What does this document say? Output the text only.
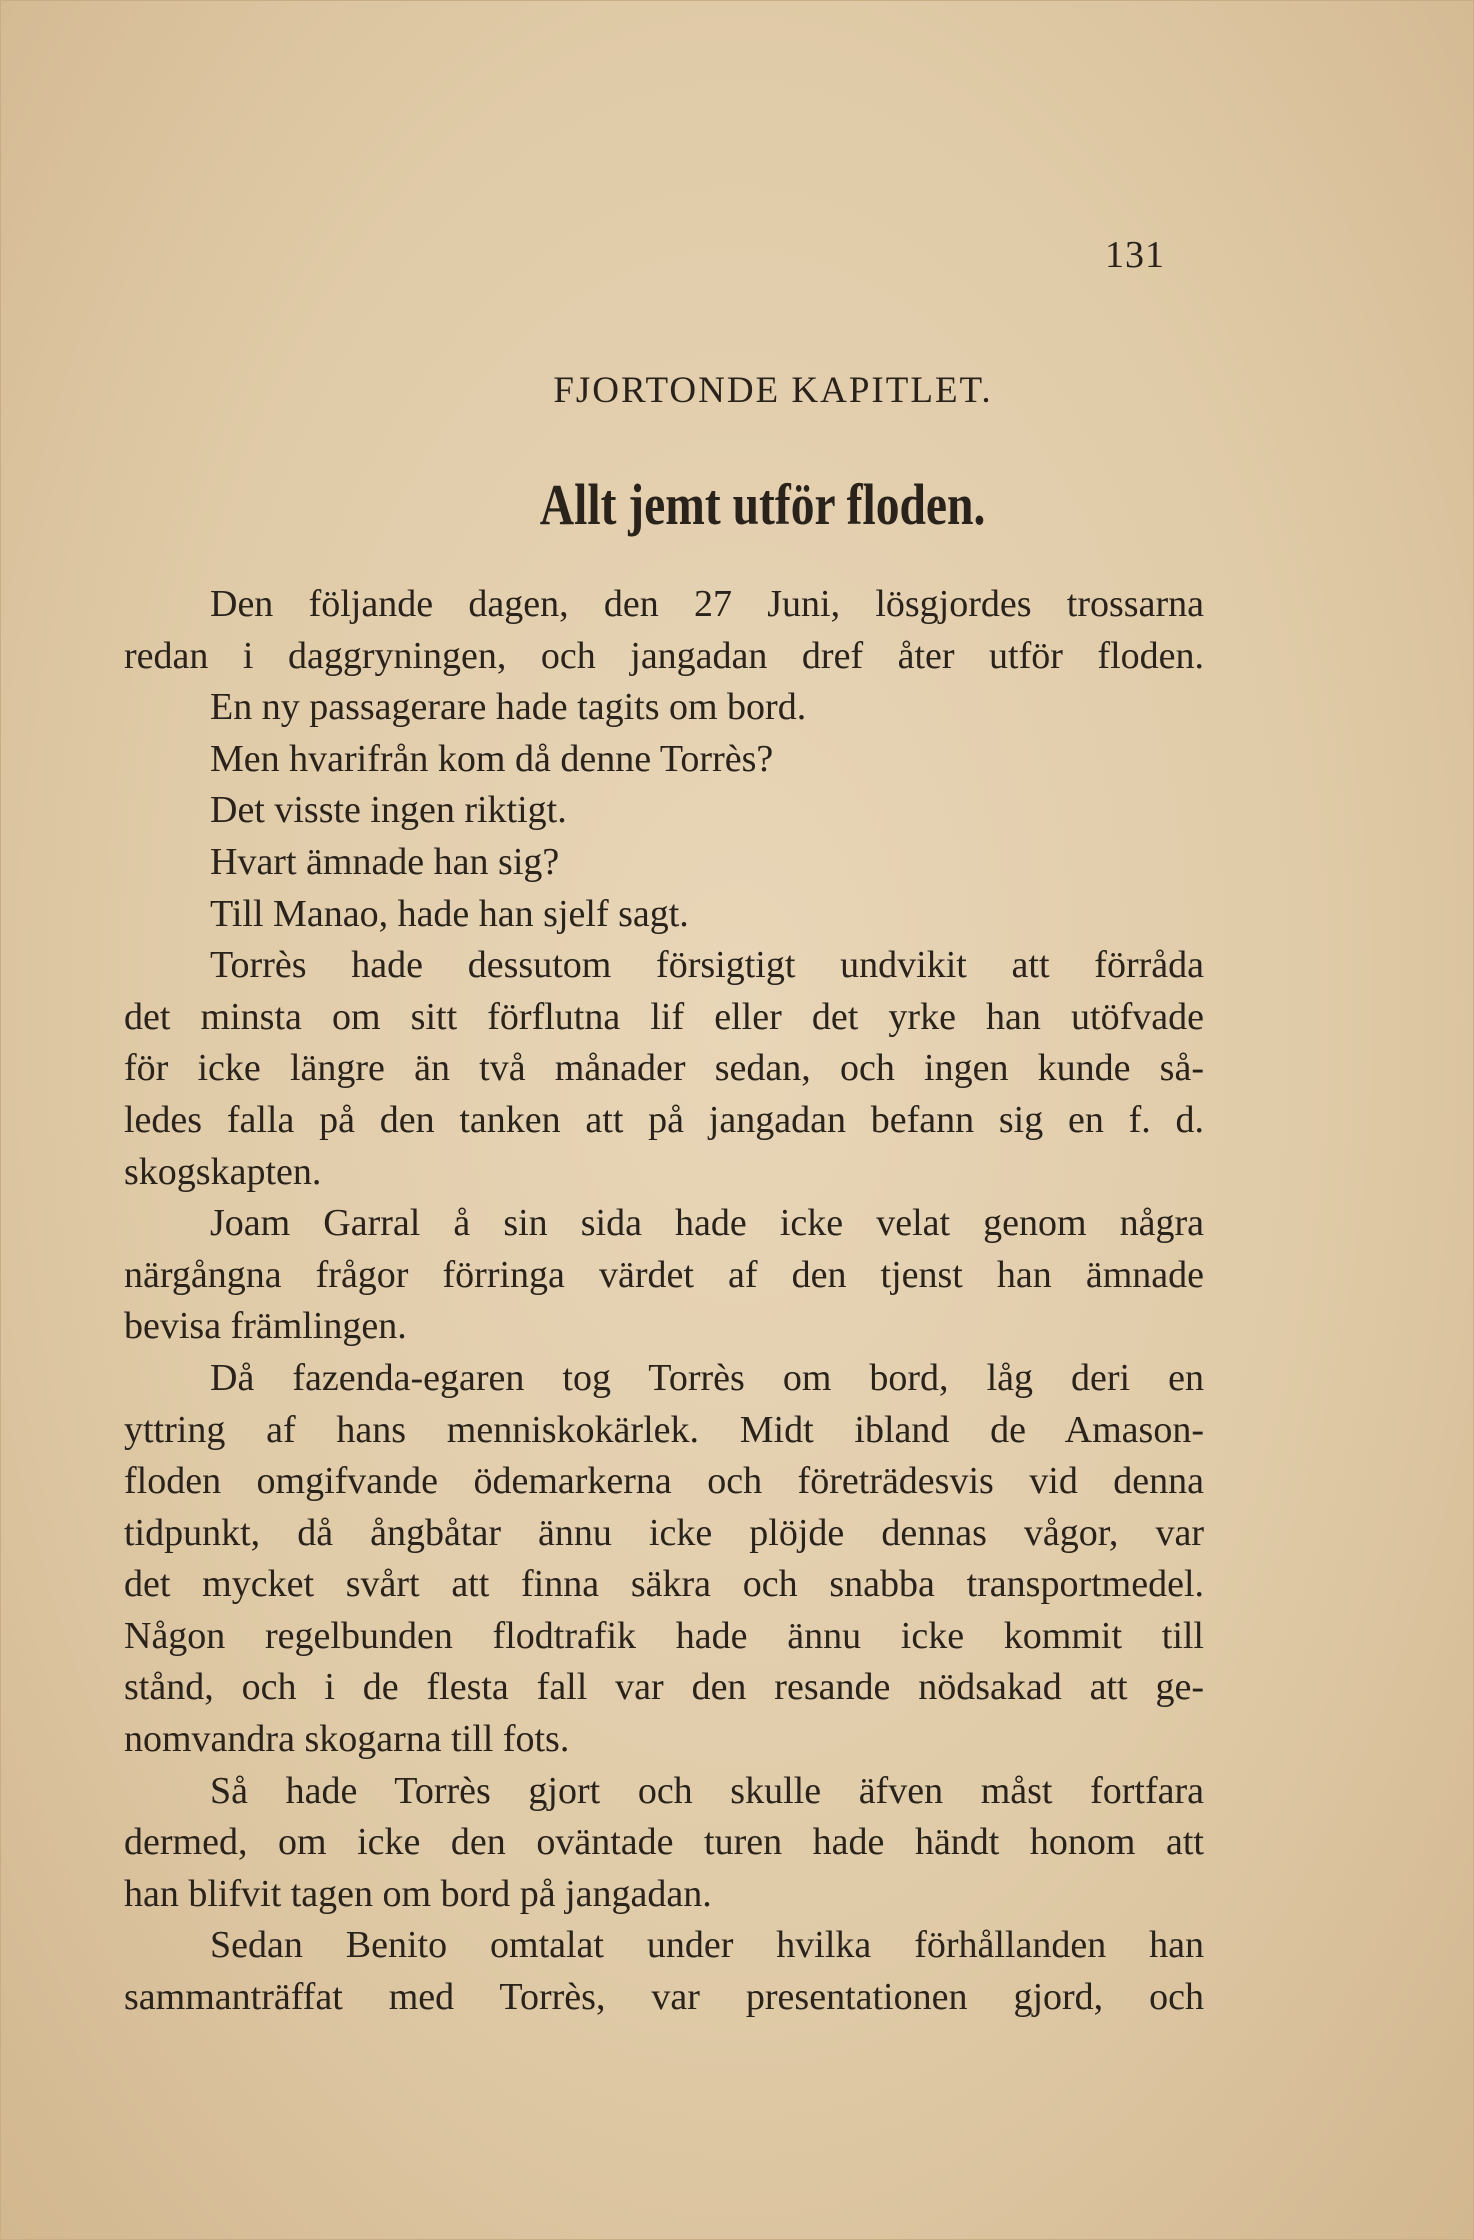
131
FJORTONDE KAPITLET.
Allt jemt utför floden.
Den följande dagen, den 27 Juni, lösgjordes trossarna
redan i daggryningen, och jangadan dref åter utför floden.
En ny passagerare hade tagits om bord.
Men hvarifrån kom då denne Torrès?
Det visste ingen riktigt.
Hvart ämnade han sig?
Till Manao, hade han sjelf sagt.
Torrès hade dessutom försigtigt undvikit att förråda
det minsta om sitt förflutna lif eller det yrke han utöfvade
för icke längre än två månader sedan, och ingen kunde så-
ledes falla på den tanken att på jangadan befann sig en f. d.
skogskapten.
Joam Garral å sin sida hade icke velat genom några
närgångna frågor förringa värdet af den tjenst han ämnade
bevisa främlingen.
Då fazenda-egaren tog Torrès om bord, låg deri en
yttring af hans menniskokärlek. Midt ibland de Amason-
floden omgifvande ödemarkerna och företrädesvis vid denna
tidpunkt, då ångbåtar ännu icke plöjde dennas vågor, var
det mycket svårt att finna säkra och snabba transportmedel.
Någon regelbunden flodtrafik hade ännu icke kommit till
stånd, och i de flesta fall var den resande nödsakad att ge-
nomvandra skogarna till fots.
Så hade Torrès gjort och skulle äfven måst fortfara
dermed, om icke den oväntade turen hade händt honom att
han blifvit tagen om bord på jangadan.
Sedan Benito omtalat under hvilka förhållanden han
sammanträffat med Torrès, var presentationen gjord, och
